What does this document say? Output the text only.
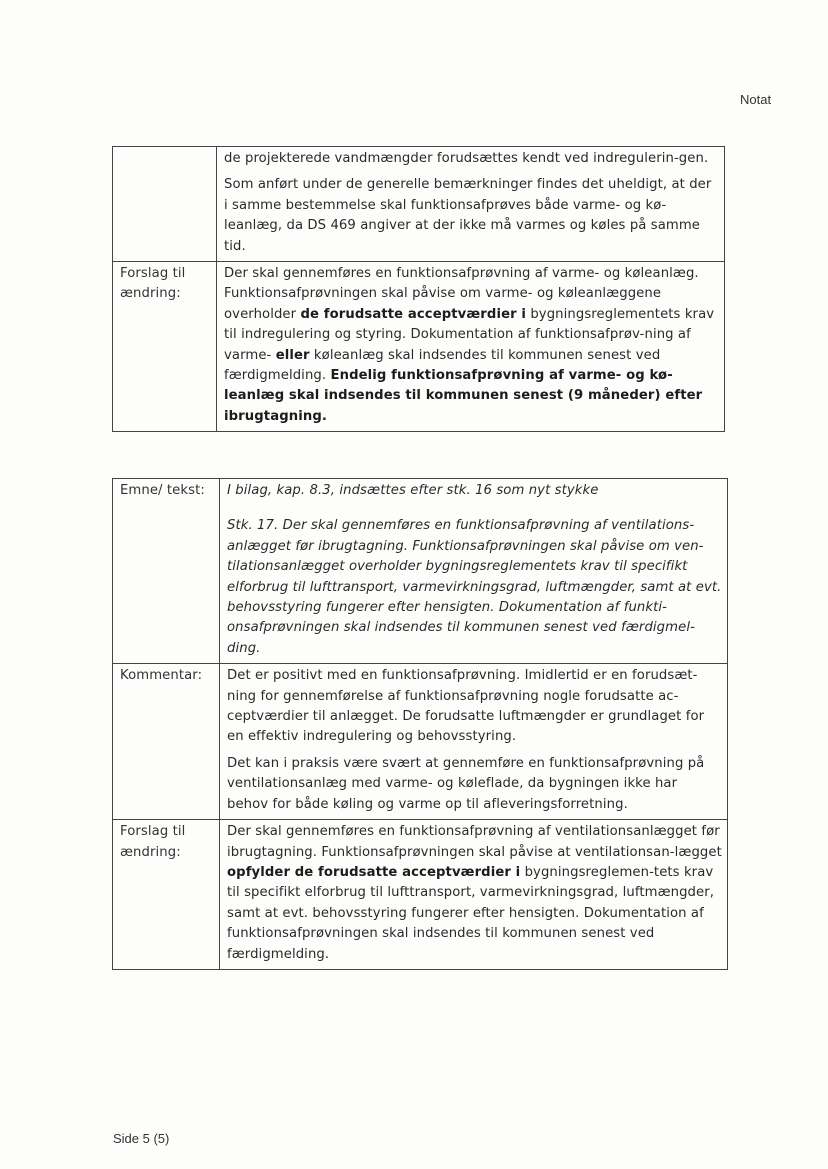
Notat

	de projekterede vandmængder forudsættes kendt ved indregulerin-gen.

Som anført under de generelle bemærkninger findes det uheldigt, at der i samme bestemmelse skal funktionsafprøves både varme- og kø-leanlæg, da DS 469 angiver at der ikke må varmes og køles på samme tid.

Forslag til ændring:	Der skal gennemføres en funktionsafprøvning af varme- og køleanlæg. Funktionsafprøvningen skal påvise om varme- og køleanlæggene overholder de forudsatte acceptværdier i bygningsreglementets krav til indregulering og styring. Dokumentation af funktionsafprøv-ning af varme- eller køleanlæg skal indsendes til kommunen senest ved færdigmelding. Endelig funktionsafprøvning af varme- og kø-leanlæg skal indsendes til kommunen senest (9 måneder) efter ibrugtagning.

Emne/ tekst:	I bilag, kap. 8.3, indsættes efter stk. 16 som nyt stykke

Stk. 17. Der skal gennemføres en funktionsafprøvning af ventilations-anlægget før ibrugtagning. Funktionsafprøvningen skal påvise om ven-tilationsanlægget overholder bygningsreglementets krav til specifikt elforbrug til lufttransport, varmevirkningsgrad, luftmængder, samt at evt. behovsstyring fungerer efter hensigten. Dokumentation af funkti-onsafprøvningen skal indsendes til kommunen senest ved færdigmel-ding.

Kommentar:	Det er positivt med en funktionsafprøvning. Imidlertid er en forudsæt-ning for gennemførelse af funktionsafprøvning nogle forudsatte ac-ceptværdier til anlægget. De forudsatte luftmængder er grundlaget for en effektiv indregulering og behovsstyring.

Det kan i praksis være svært at gennemføre en funktionsafprøvning på ventilationsanlæg med varme- og køleflade, da bygningen ikke har behov for både køling og varme op til afleveringsforretning.

Forslag til ændring:	Der skal gennemføres en funktionsafprøvning af ventilationsanlægget før ibrugtagning. Funktionsafprøvningen skal påvise at ventilationsan-lægget opfylder de forudsatte acceptværdier i bygningsreglemen-tets krav til specifikt elforbrug til lufttransport, varmevirkningsgrad, luftmængder, samt at evt. behovsstyring fungerer efter hensigten. Dokumentation af funktionsafprøvningen skal indsendes til kommunen senest ved færdigmelding.

Side 5 (5)
